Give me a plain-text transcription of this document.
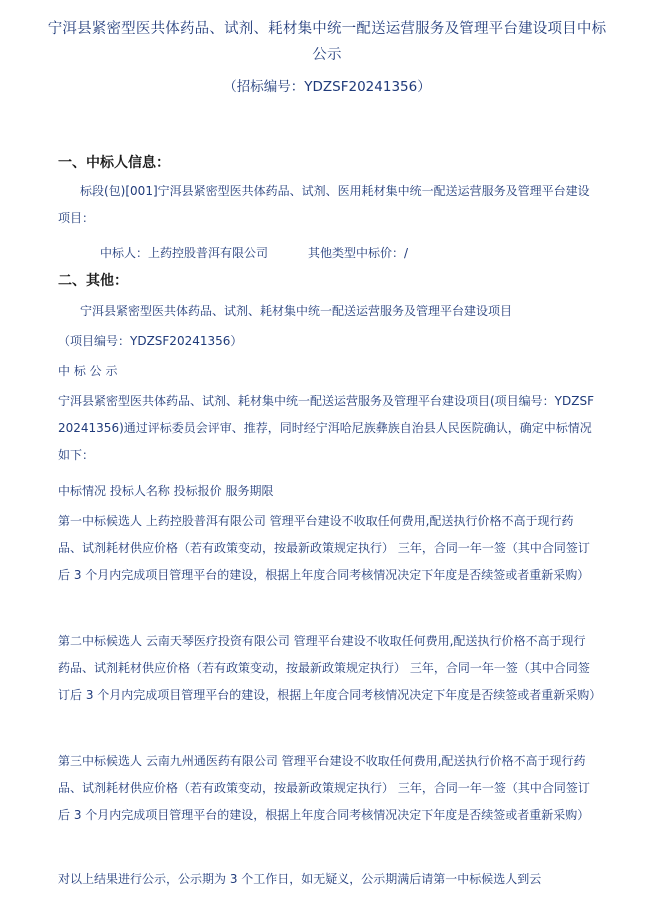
宁洱县紧密型医共体药品、试剂、耗材集中统一配送运营服务及管理平台建设项目中标公示
（招标编号：YDZSF20241356）
一、中标人信息：
标段(包)[001]宁洱县紧密型医共体药品、试剂、医用耗材集中统一配送运营服务及管理平台建设项目：
中标人：上药控股普洱有限公司	其他类型中标价：/
二、其他：
宁洱县紧密型医共体药品、试剂、耗材集中统一配送运营服务及管理平台建设项目
（项目编号：YDZSF20241356）
中 标 公 示
宁洱县紧密型医共体药品、试剂、耗材集中统一配送运营服务及管理平台建设项目(项目编号：YDZSF20241356)通过评标委员会评审、推荐，同时经宁洱哈尼族彝族自治县人民医院确认，确定中标情况如下：
中标情况 投标人名称 投标报价 服务期限
第一中标候选人 上药控股普洱有限公司 管理平台建设不收取任何费用,配送执行价格不高于现行药品、试剂耗材供应价格（若有政策变动，按最新政策规定执行） 三年，合同一年一签（其中合同签订后 3 个月内完成项目管理平台的建设，根据上年度合同考核情况决定下年度是否续签或者重新采购）
第二中标候选人 云南天琴医疗投资有限公司 管理平台建设不收取任何费用,配送执行价格不高于现行药品、试剂耗材供应价格（若有政策变动，按最新政策规定执行） 三年，合同一年一签（其中合同签订后 3 个月内完成项目管理平台的建设，根据上年度合同考核情况决定下年度是否续签或者重新采购）
第三中标候选人 云南九州通医药有限公司 管理平台建设不收取任何费用,配送执行价格不高于现行药品、试剂耗材供应价格（若有政策变动，按最新政策规定执行） 三年，合同一年一签（其中合同签订后 3 个月内完成项目管理平台的建设，根据上年度合同考核情况决定下年度是否续签或者重新采购）
对以上结果进行公示，公示期为 3 个工作日，如无疑义，公示期满后请第一中标候选人到云
